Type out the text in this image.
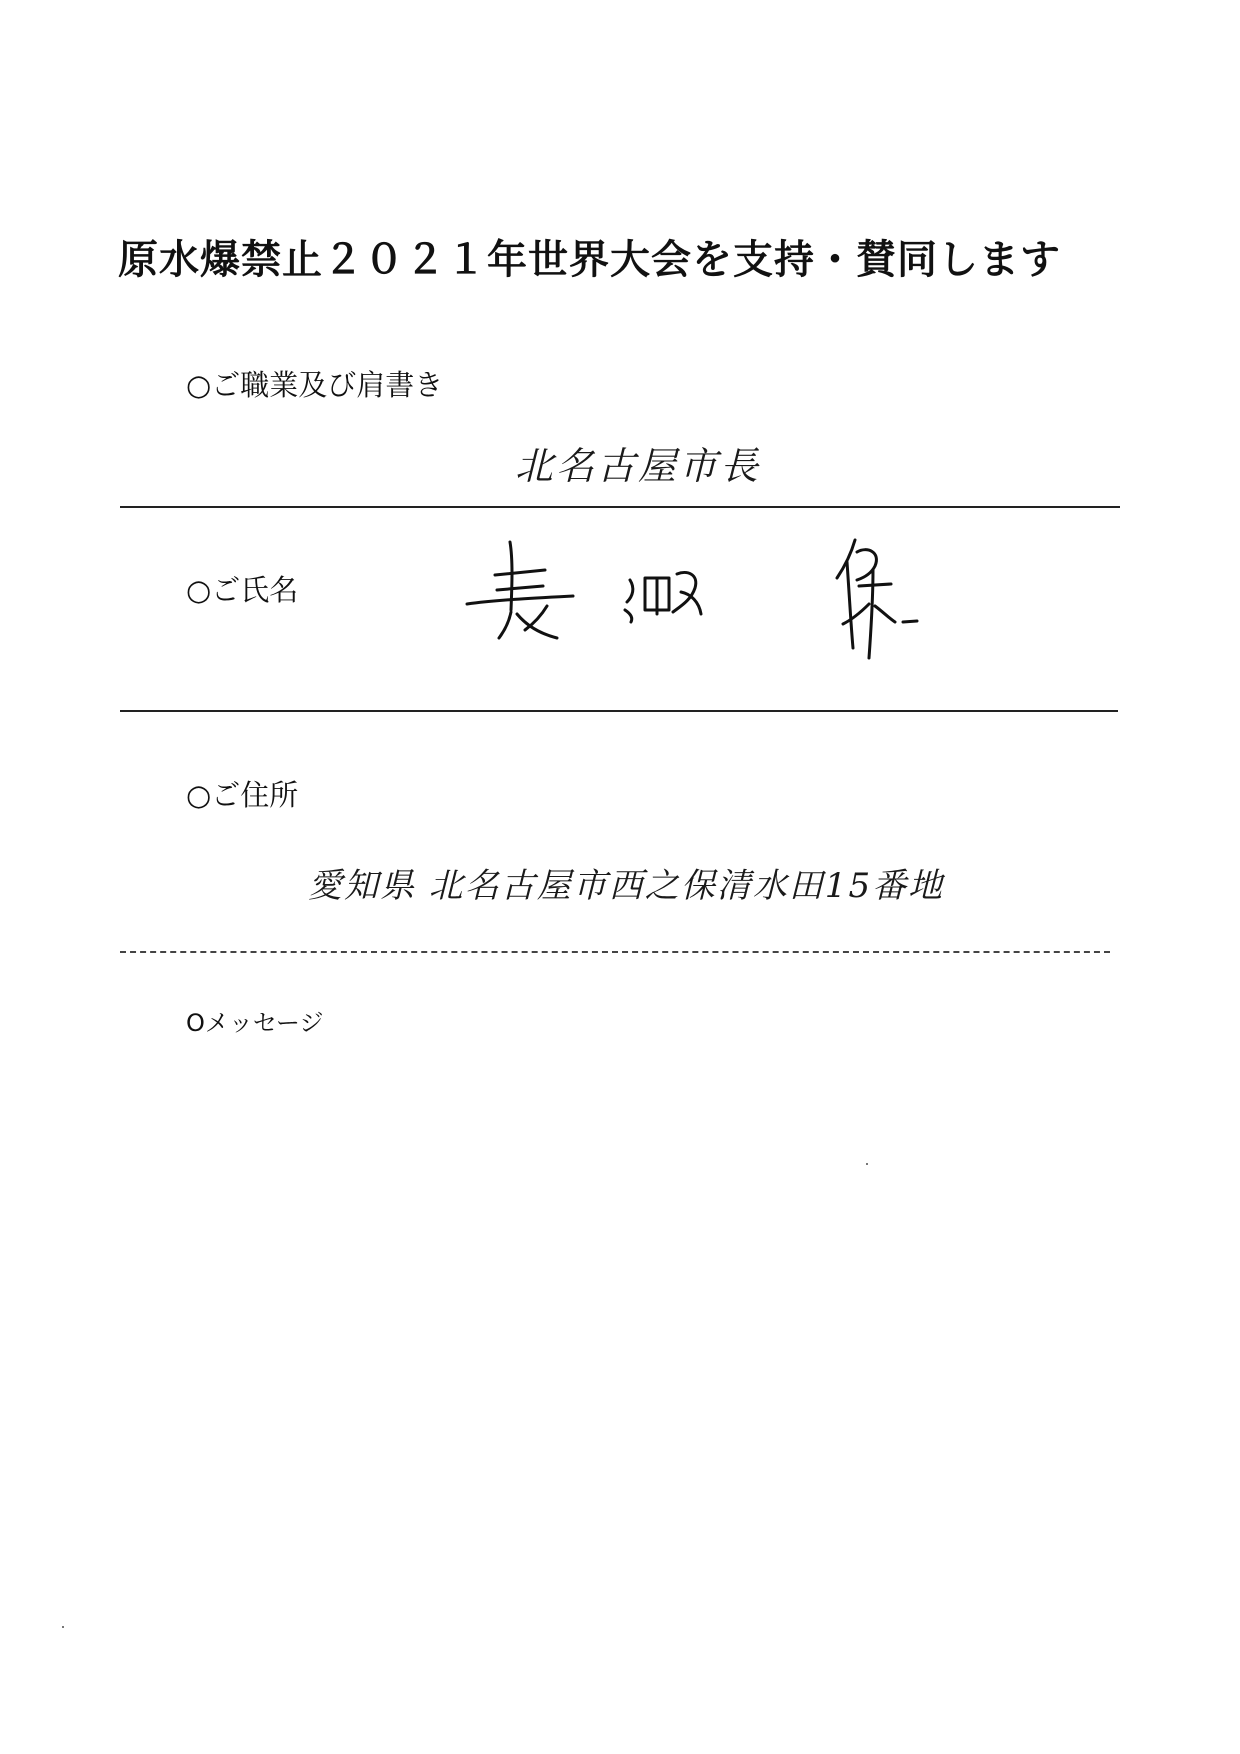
原水爆禁止２０２１年世界大会を支持・賛同します
○ご職業及び肩書き
北名古屋市長
○ご氏名
○ご住所
愛知県 北名古屋市西之保清水田15番地
Oメッセージ
